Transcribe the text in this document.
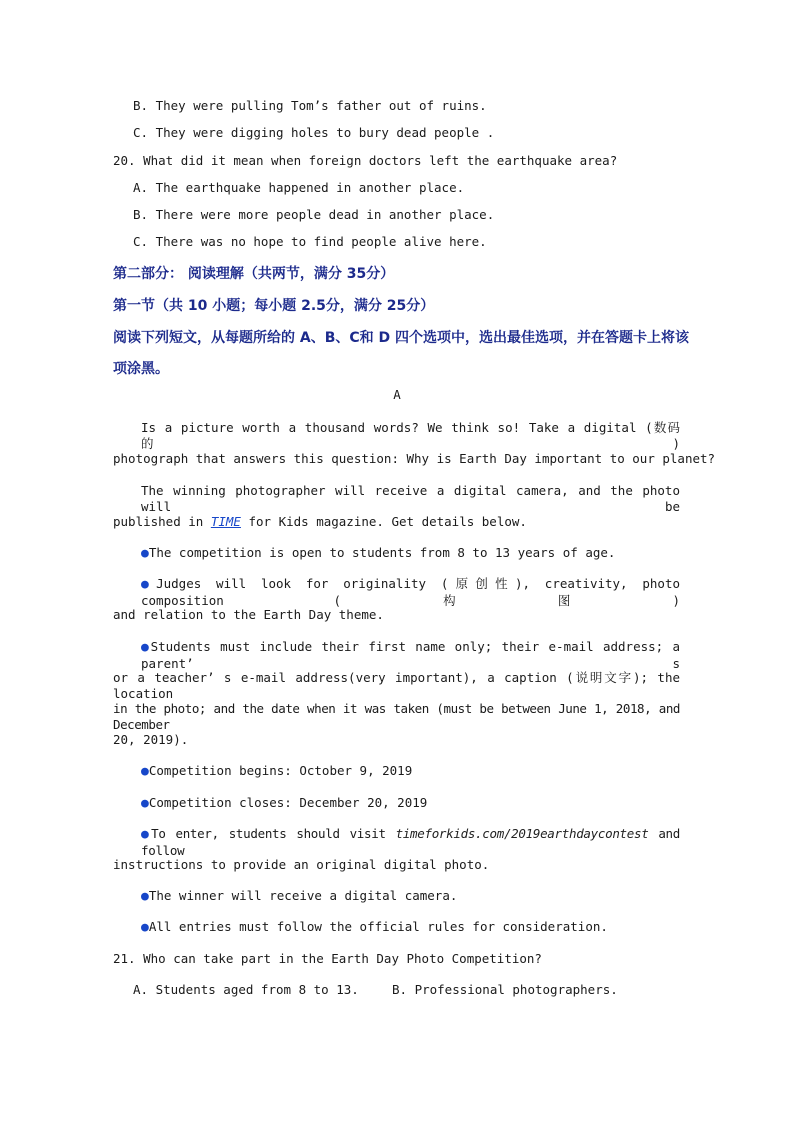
B. They were pulling Tom’s father out of ruins.
C. They were digging holes to bury dead people .
20. What did it mean when foreign doctors left the earthquake area?
A. The earthquake happened in another place.
B. There were more people dead in another place.
C. There was no hope to find people alive here.
第二部分： 阅读理解（共两节，满分 35分）
第一节（共 10 小题；每小题 2.5分，满分 25分）
阅读下列短文，从每题所给的 A、B、C和 D 四个选项中，选出最佳选项，并在答题卡上将该
项涂黑。
A
Is a picture worth a thousand words? We think so! Take a digital (数码的)
photograph that answers this question: Why is Earth Day important to our planet?
The winning photographer will receive a digital camera, and the photo will be
published in TIME for Kids magazine. Get details below.
●The competition is open to students from 8 to 13 years of age.
●Judges will look for originality (原创性), creativity, photo composition (构图)
and relation to the Earth Day theme.
●Students must include their first name only; their e-mail address; a parent’ s
or a teacher’ s e-mail address(very important), a caption (说明文字); the location
in the photo; and the date when it was taken (must be between June 1, 2018, and December
20, 2019).
●Competition begins: October 9, 2019
●Competition closes: December 20, 2019
●To enter, students should visit timeforkids.com/2019earthdaycontest and follow
instructions to provide an original digital photo.
●The winner will receive a digital camera.
●All entries must follow the official rules for consideration.
21. Who can take part in the Earth Day Photo Competition?
A. Students aged from 8 to 13.	B. Professional photographers.
